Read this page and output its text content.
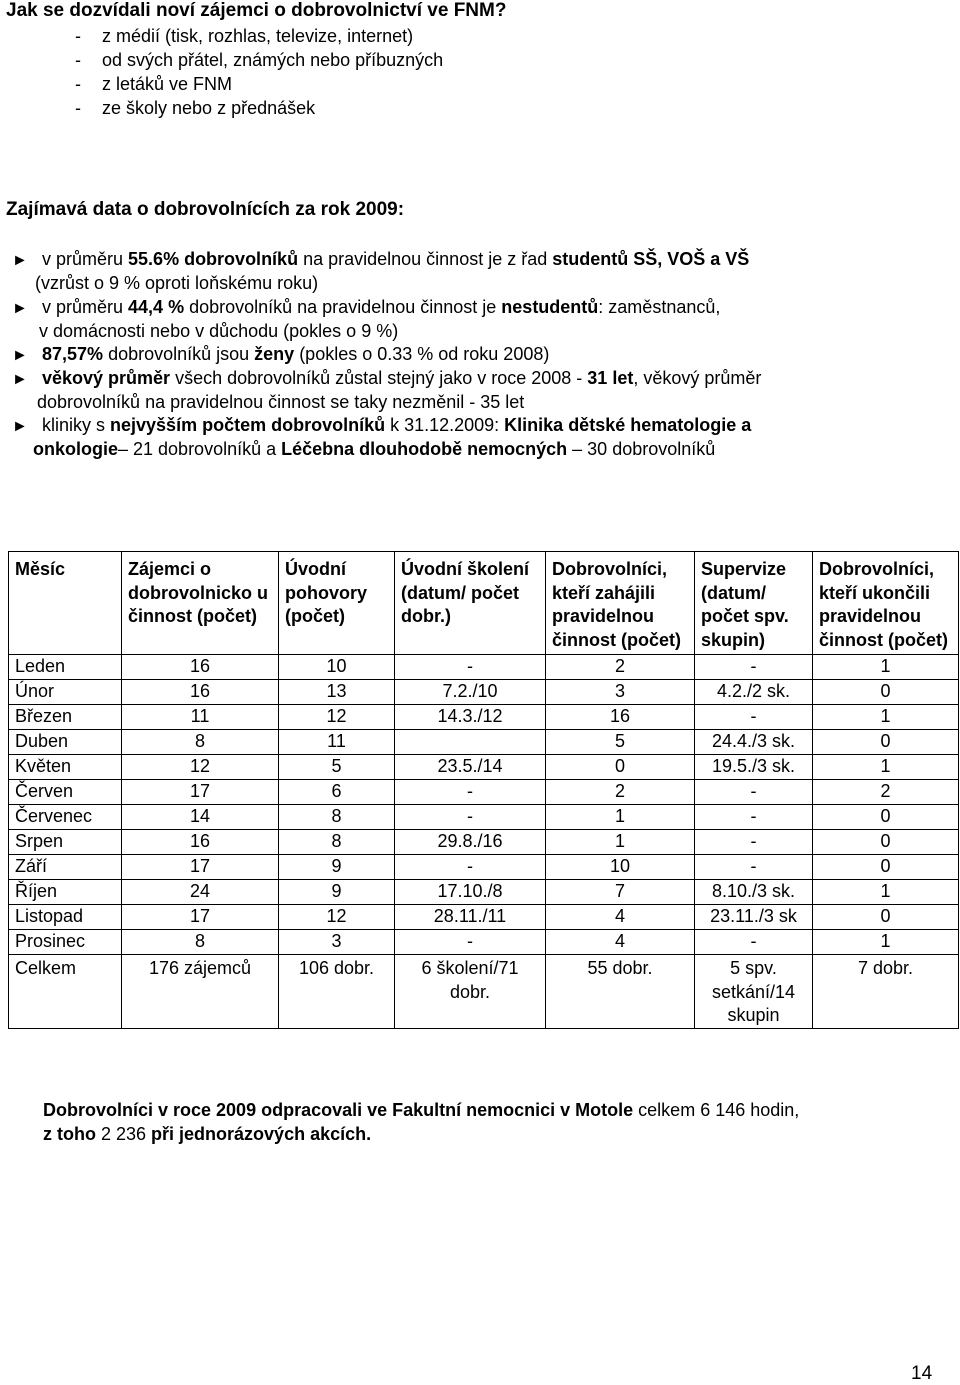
Jak se dozvídali noví zájemci o dobrovolnictví ve FNM?
- z médií (tisk, rozhlas, televize, internet)
- od svých přátel, známých nebo příbuzných
- z letáků ve FNM
- ze školy nebo z přednášek
Zajímavá data o dobrovolnících za rok 2009:
► v průměru 55.6% dobrovolníků na pravidelnou činnost je z řad studentů SŠ, VOŠ a VŠ
(vzrůst o 9 % oproti loňskému roku)
► v průměru 44,4 % dobrovolníků na pravidelnou činnost je nestudentů: zaměstnanců,
v domácnosti nebo v důchodu (pokles o 9 %)
► 87,57% dobrovolníků jsou ženy (pokles o 0.33 % od roku 2008)
► věkový průměr všech dobrovolníků zůstal stejný jako v roce 2008 - 31 let, věkový průměr
dobrovolníků na pravidelnou činnost se taky nezměnil - 35 let
► kliniky s nejvyšším počtem dobrovolníků k 31.12.2009: Klinika dětské hematologie a
onkologie– 21 dobrovolníků a Léčebna dlouhodobě nemocných – 30 dobrovolníků
Měsíc	Zájemci o dobrovolnicko u činnost (počet)	Úvodní pohovory (počet)	Úvodní školení (datum/ počet dobr.)	Dobrovolníci, kteří zahájili pravidelnou činnost (počet)	Supervize (datum/ počet spv. skupin)	Dobrovolníci, kteří ukončili pravidelnou činnost (počet)
Leden	16	10	-	2	-	1
Únor	16	13	7.2./10	3	4.2./2 sk.	0
Březen	11	12	14.3./12	16	-	1
Duben	8	11		5	24.4./3 sk.	0
Květen	12	5	23.5./14	0	19.5./3 sk.	1
Červen	17	6	-	2	-	2
Červenec	14	8	-	1	-	0
Srpen	16	8	29.8./16	1	-	0
Září	17	9	-	10	-	0
Říjen	24	9	17.10./8	7	8.10./3 sk.	1
Listopad	17	12	28.11./11	4	23.11./3 sk	0
Prosinec	8	3	-	4	-	1
Celkem	176 zájemců	106 dobr.	6 školení/71 dobr.	55 dobr.	5 spv. setkání/14 skupin	7 dobr.
Dobrovolníci v roce 2009 odpracovali ve Fakultní nemocnici v Motole celkem 6 146 hodin,
z toho 2 236 při jednorázových akcích.
14
